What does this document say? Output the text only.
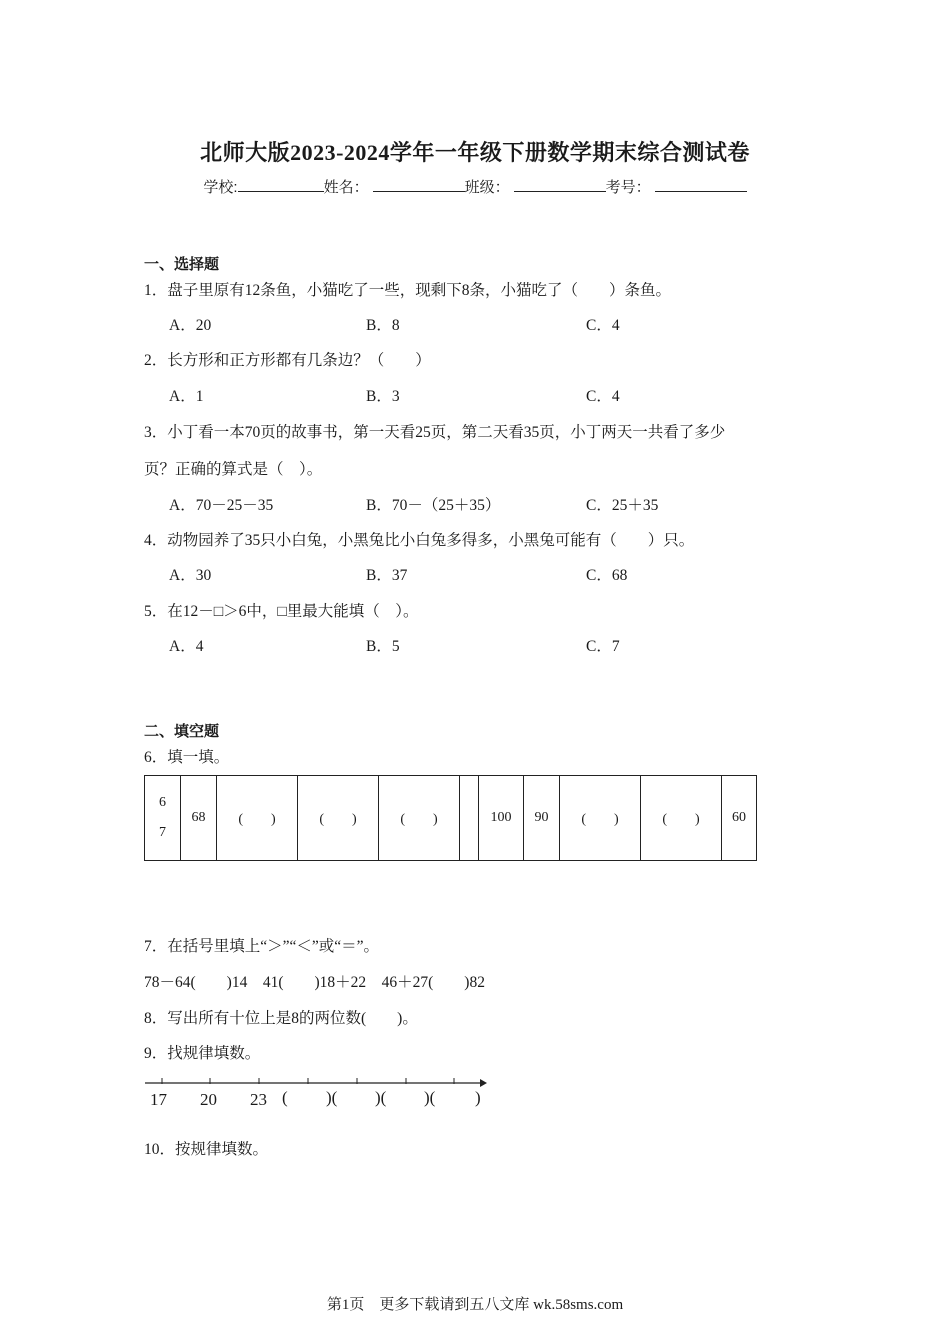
北师大版2023-2024学年一年级下册数学期末综合测试卷
学校:	姓名：	班级：	考号：
一、选择题
1．盘子里原有12条鱼，小猫吃了一些，现剩下8条，小猫吃了（　　）条鱼。
A．20	B．8	C．4
2．长方形和正方形都有几条边？（　　）
A．1	B．3	C．4
3．小丁看一本70页的故事书，第一天看25页，第二天看35页，小丁两天一共看了多少
页？正确的算式是（　）。
A．70－25－35	B．70－（25＋35）	C．25＋35
4．动物园养了35只小白兔，小黑兔比小白兔多得多，小黑兔可能有（　　）只。
A．30	B．37	C．68
5．在12－□＞6中，□里最大能填（　）。
A．4	B．5	C．7
二、填空题
6．填一填。
6
7
	68	(　　)	(　　)	(　　)		100	90	(　　)	(　　)	60
7．在括号里填上“＞”“＜”或“＝”。
78－64(　　)14　41(　　)18＋22　46＋27(　　)82
8．写出所有十位上是8的两位数(　　)。
9．找规律填数。
17 20 23 ( )( )( )( )
10．按规律填数。
第1页　更多下载请到五八文库 wk.58sms.com
